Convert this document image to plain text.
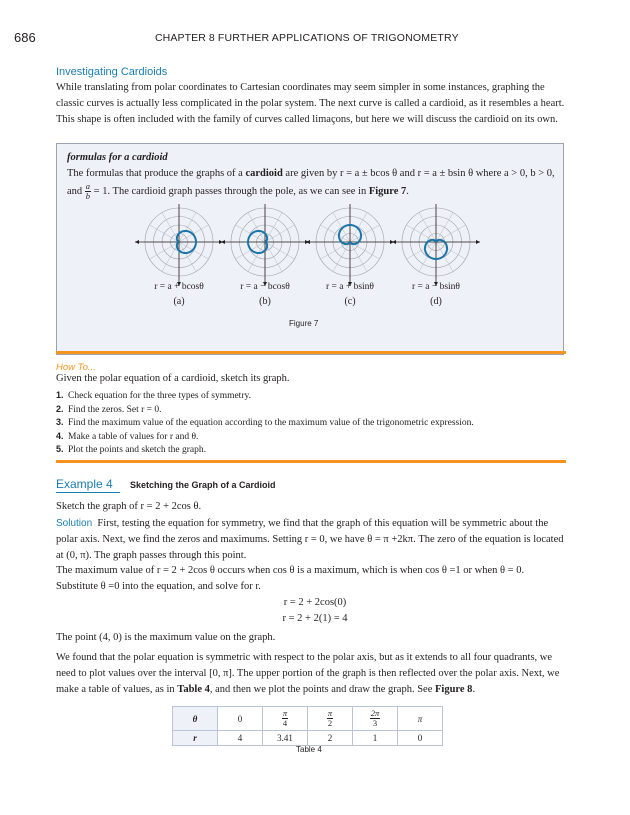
686	CHAPTER 8 FURTHER APPLICATIONS OF TRIGONOMETRY
Investigating Cardioids
While translating from polar coordinates to Cartesian coordinates may seem simpler in some instances, graphing the classic curves is actually less complicated in the polar system. The next curve is called a cardioid, as it resembles a heart. This shape is often included with the family of curves called limaçons, but here we will discuss the cardioid on its own.
formulas for a cardioid
The formulas that produce the graphs of a cardioid are given by r = a ± bcos θ and r = a ± bsin θ where a > 0, b > 0, and $\frac{a}{b} = 1$. The cardioid graph passes through the pole, as we can see in Figure 7.
r = a + bcosθ	r = a − bcosθ	r = a + bsinθ	r = a − bsinθ
(a)	(b)	(c)	(d)
Figure 7
How To...
Given the polar equation of a cardioid, sketch its graph.
1. Check equation for the three types of symmetry.
2. Find the zeros. Set r = 0.
3. Find the maximum value of the equation according to the maximum value of the trigonometric expression.
4. Make a table of values for r and θ.
5. Plot the points and sketch the graph.
Example 4 Sketching the Graph of a Cardioid
Sketch the graph of r = 2 + 2cos θ.
Solution First, testing the equation for symmetry, we find that the graph of this equation will be symmetric about the polar axis. Next, we find the zeros and maximums. Setting r = 0, we have θ = π +2kπ. The zero of the equation is located at (0, π). The graph passes through this point.
The maximum value of r = 2 + 2cos θ occurs when cos θ is a maximum, which is when cos θ =1 or when θ = 0. Substitute θ =0 into the equation, and solve for r.
r = 2 + 2cos(0)
r = 2 + 2(1) = 4
The point (4, 0) is the maximum value on the graph.
We found that the polar equation is symmetric with respect to the polar axis, but as it extends to all four quadrants, we need to plot values over the interval [0, π]. The upper portion of the graph is then reflected over the polar axis. Next, we make a table of values, as in Table 4, and then we plot the points and draw the graph. See Figure 8.
θ	0	$\frac{\pi}{4}$	$\frac{\pi}{2}$	$\frac{2\pi}{3}$	π
r	4	3.41	2	1	0
Table 4
